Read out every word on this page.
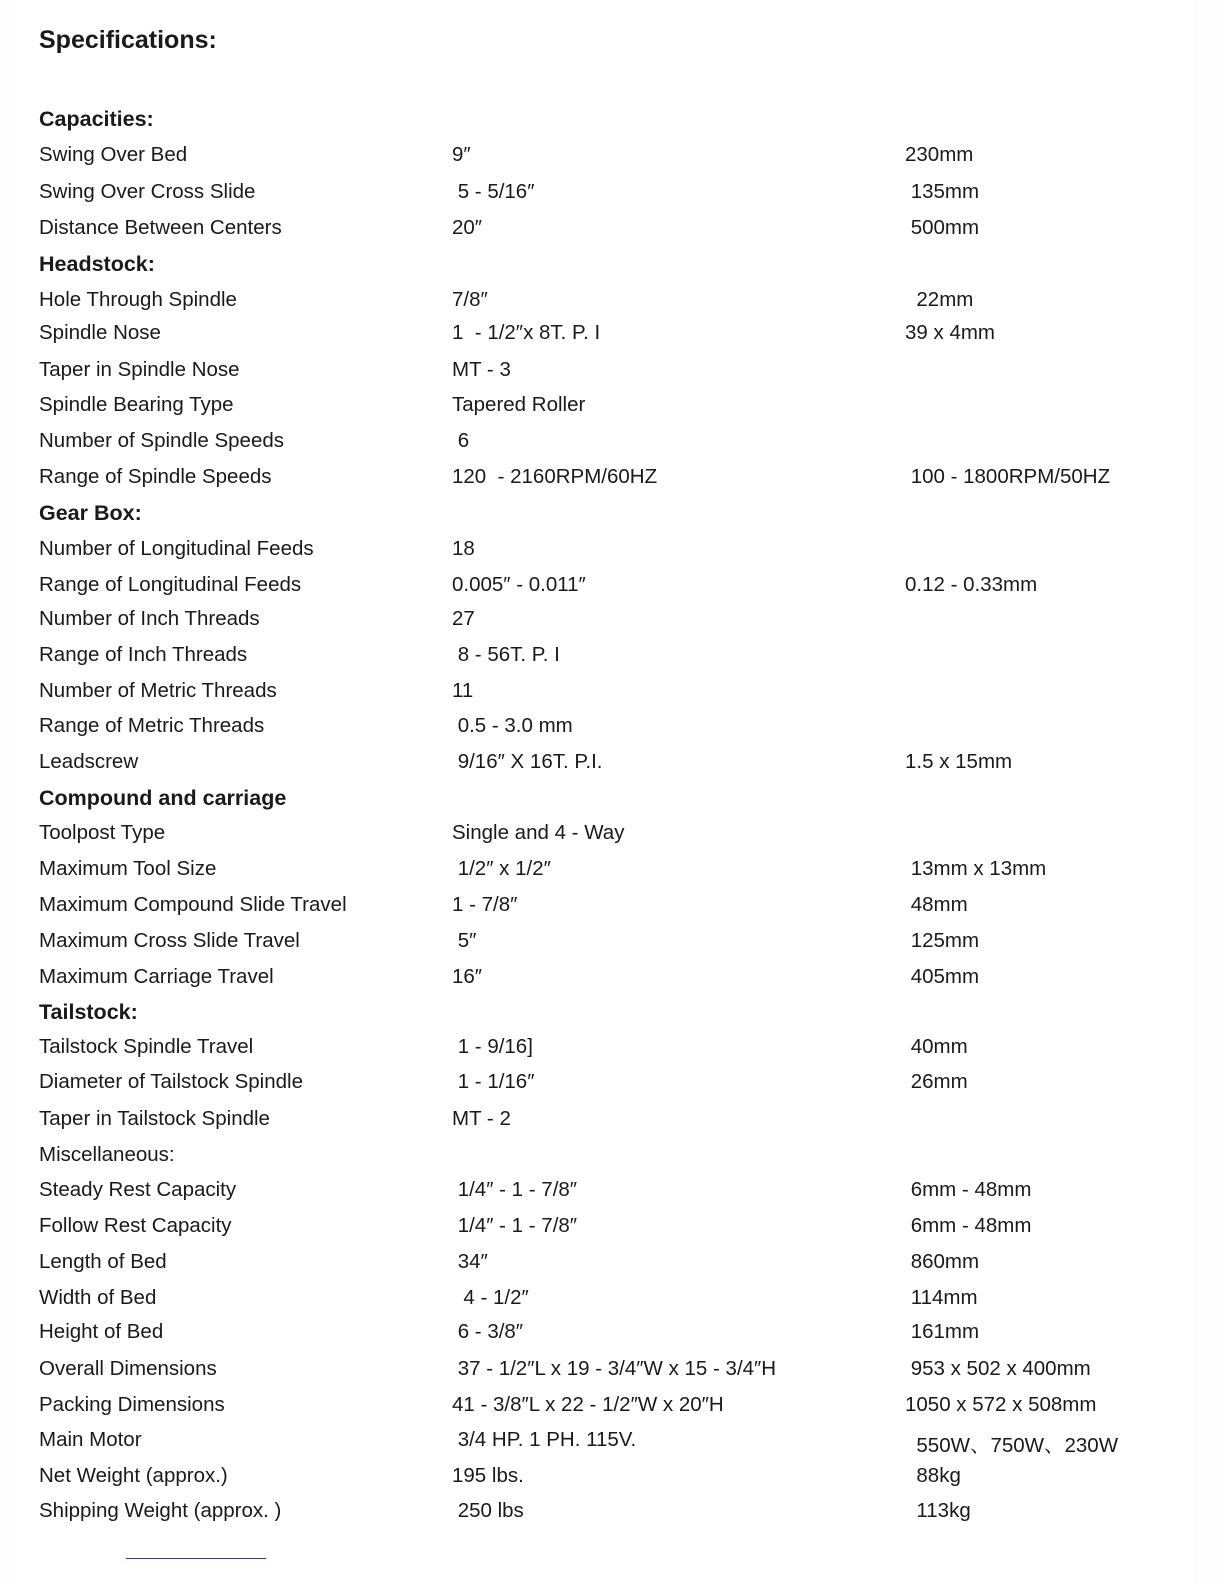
Specifications:
Capacities:
Swing Over Bed	9″	230mm
Swing Over Cross Slide	5 - 5/16″	135mm
Distance Between Centers	20″	500mm
Headstock:
Hole Through Spindle	7/8″	22mm
Spindle Nose	1  - 1/2″x 8T. P. I	39 x 4mm
Taper in Spindle Nose	MT - 3
Spindle Bearing Type	Tapered Roller
Number of Spindle Speeds	6
Range of Spindle Speeds	120  - 2160RPM/60HZ	100 - 1800RPM/50HZ
Gear Box:
Number of Longitudinal Feeds	18
Range of Longitudinal Feeds	0.005″ - 0.011″	0.12 - 0.33mm
Number of Inch Threads	27
Range of Inch Threads	8 - 56T. P. I
Number of Metric Threads	11
Range of Metric Threads	0.5 - 3.0 mm
Leadscrew	9/16″ X 16T. P.I.	1.5 x 15mm
Compound and carriage
Toolpost Type	Single and 4 - Way
Maximum Tool Size	1/2″ x 1/2″	13mm x 13mm
Maximum Compound Slide Travel	1 - 7/8″	48mm
Maximum Cross Slide Travel	5″	125mm
Maximum Carriage Travel	16″	405mm
Tailstock:
Tailstock Spindle Travel	1 - 9/16]	40mm
Diameter of Tailstock Spindle	1 - 1/16″	26mm
Taper in Tailstock Spindle	MT - 2
Miscellaneous:
Steady Rest Capacity	1/4″ - 1 - 7/8″	6mm - 48mm
Follow Rest Capacity	1/4″ - 1 - 7/8″	6mm - 48mm
Length of Bed	34″	860mm
Width of Bed	4 - 1/2″	114mm
Height of Bed	6 - 3/8″	161mm
Overall Dimensions	37 - 1/2″L x 19 - 3/4″W x 15 - 3/4″H	953 x 502 x 400mm
Packing Dimensions	41 - 3/8″L x 22 - 1/2″W x 20″H	1050 x 572 x 508mm
Main Motor	3/4 HP. 1 PH. 115V.	550W、750W、230W
Net Weight (approx.)	195 lbs.	88kg
Shipping Weight (approx. )	250 lbs	113kg
